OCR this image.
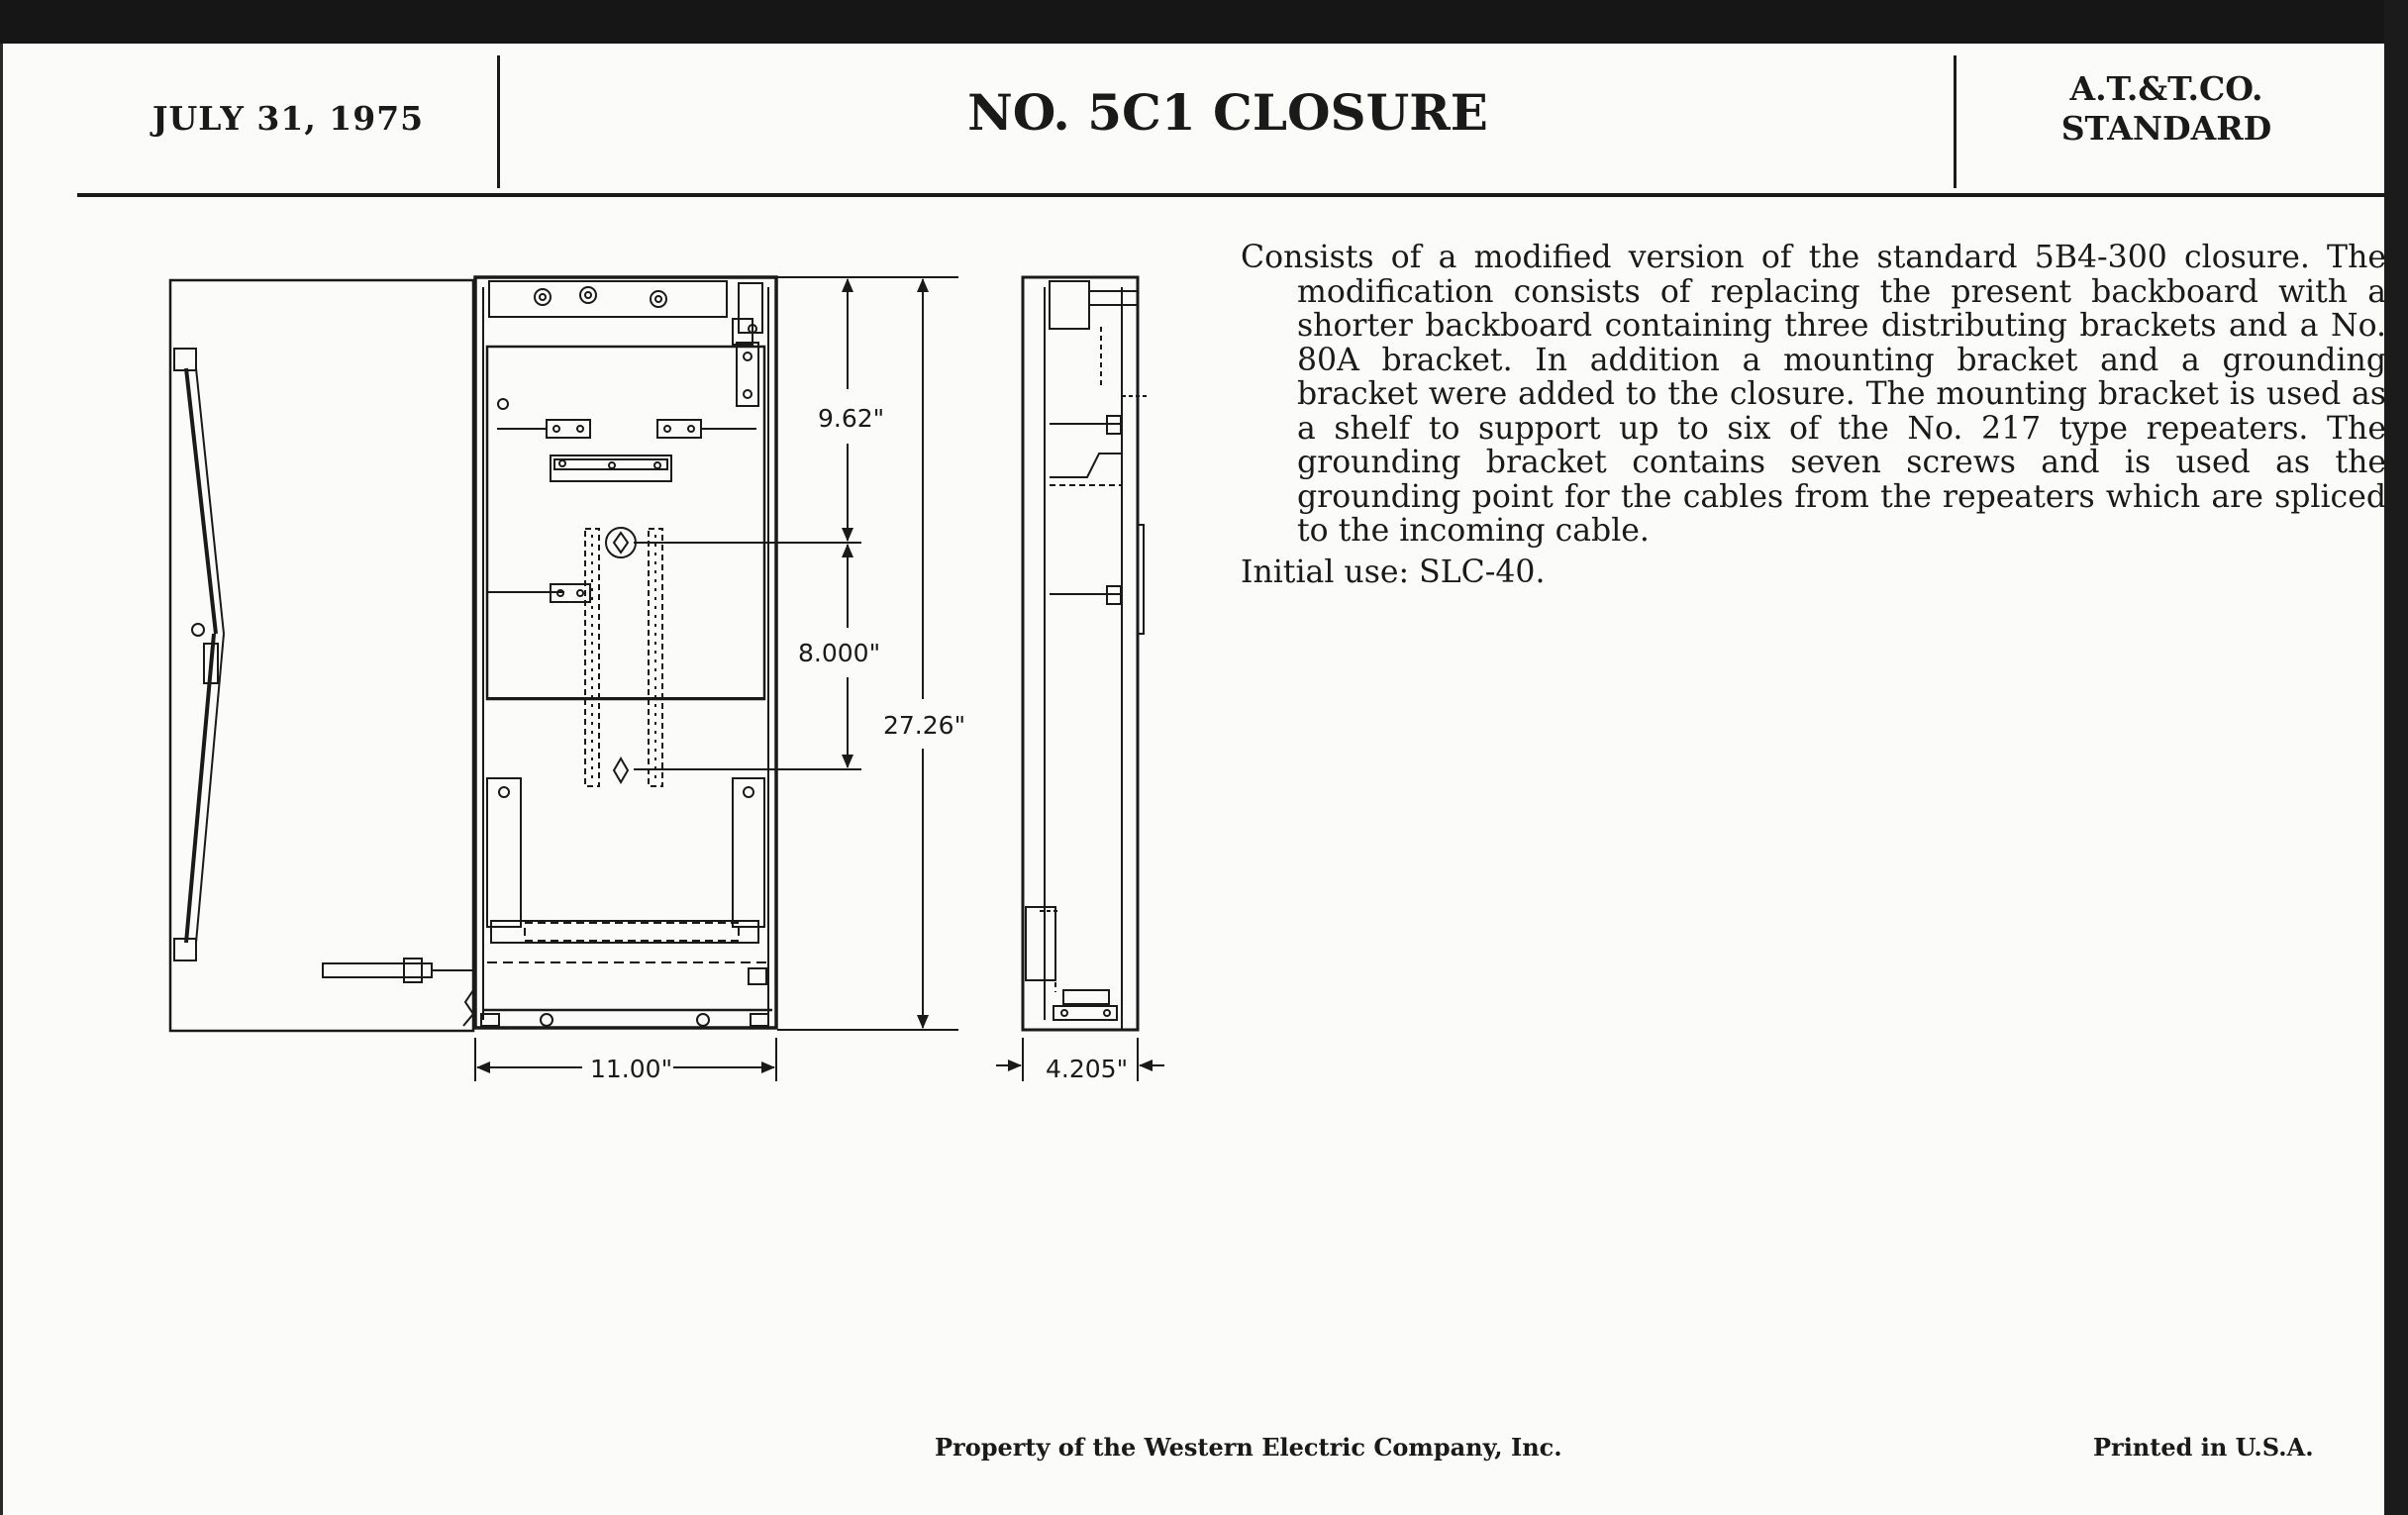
JULY 31, 1975	NO. 5C1 CLOSURE	A.T.&T.CO.
STANDARD
9.62"
8.000"
27.26"
11.00"	4.205"

Consists of a modified version of the standard 5B4-300 closure. The modification consists of replacing the present backboard with a shorter backboard containing three distributing brackets and a No. 80A bracket. In addition a mounting bracket and a grounding bracket were added to the closure. The mounting bracket is used as a shelf to support up to six of the No. 217 type repeaters. The grounding bracket contains seven screws and is used as the grounding point for the cables from the repeaters which are spliced to the incoming cable.

Initial use: SLC-40.
Property of the Western Electric Company, Inc.	Printed in U.S.A.
